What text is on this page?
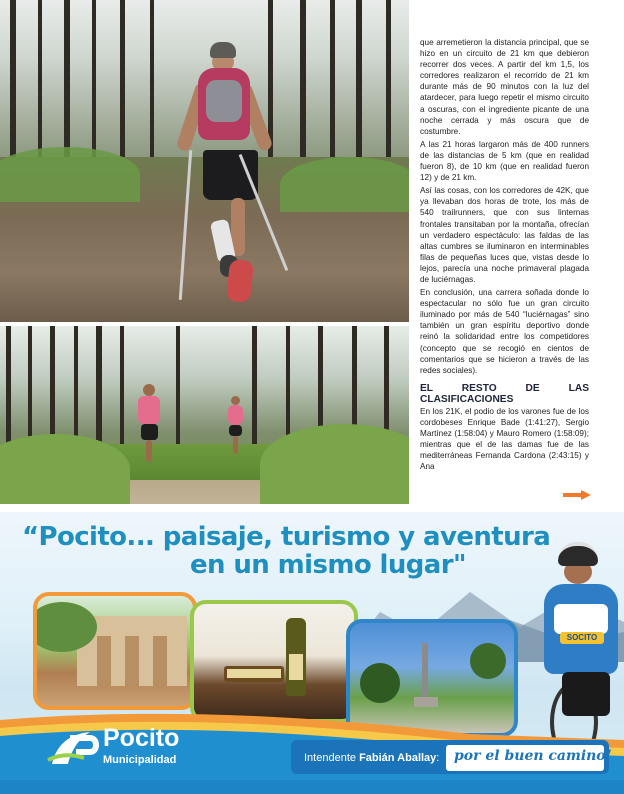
que arremetieron la distancia principal, que se hizo en un circuito de 21 km que debieron recorrer dos veces. A partir del km 1,5, los corredores realizaron el recorrido de 21 km durante más de 90 minutos con la luz del atardecer, para luego repetir el mismo circuito a oscuras, con el ingrediente picante de una noche cerrada y más oscura que de costumbre.

A las 21 horas largaron más de 400 runners de las distancias de 5 km (que en realidad fueron 8), de 10 km (que en realidad fueron 12) y de 21 km.

Así las cosas, con los corredores de 42K, que ya llevaban dos horas de trote, los más de 540 trailrunners, que con sus linternas frontales transitaban por la montaña, ofrecían un verdadero espectáculo: las faldas de las altas cumbres se iluminaron en interminables filas de pequeñas luces que, vistas desde lo lejos, parecía una noche primaveral plagada de luciérnagas.

En conclusión, una carrera soñada donde lo espectacular no sólo fue un gran circuito iluminado por más de 540 “luciérnagas” sino también un gran espíritu deportivo donde reinó la solidaridad entre los competidores (concepto que se recogió en cientos de comentarios que se hicieron a través de las redes sociales).

EL RESTO DE LAS CLASIFICACIONES

En los 21K, el podio de los varones fue de los cordobeses Enrique Bade (1:41:27), Sergio Martínez (1:58:04) y Mauro Romero (1:58:09); mientras que el de las damas fue de las mediterráneas Fernanda Cardona (2:43:15) y Ana

“Pocito... paisaje, turismo y aventura
en un mismo lugar"
SOCITO
Pocito
Municipalidad	Intendente Fabián Aballay: por el buen camino!
